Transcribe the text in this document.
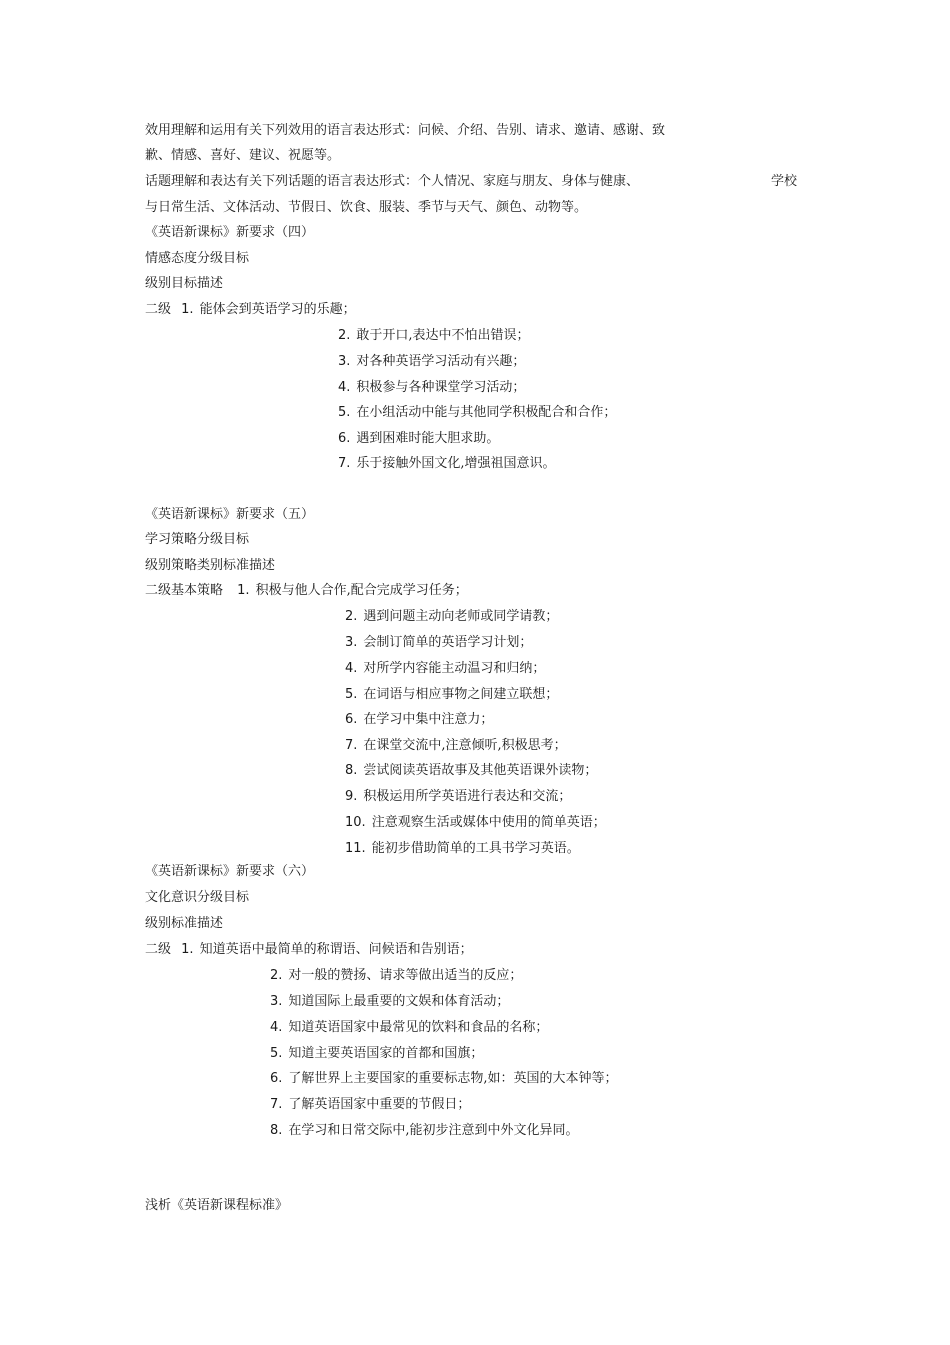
效用理解和运用有关下列效用的语言表达形式：问候、介绍、告别、请求、邀请、感谢、致
歉、情感、喜好、建议、祝愿等。
话题理解和表达有关下列话题的语言表达形式：个人情况、家庭与朋友、身体与健康、	学校
与日常生活、文体活动、节假日、饮食、服装、季节与天气、颜色、动物等。
《英语新课标》新要求（四）
情感态度分级目标
级别目标描述
二级 1. 能体会到英语学习的乐趣；
2. 敢于开口,表达中不怕出错误；
3. 对各种英语学习活动有兴趣；
4. 积极参与各种课堂学习活动；
5. 在小组活动中能与其他同学积极配合和合作；
6. 遇到困难时能大胆求助。
7. 乐于接触外国文化,增强祖国意识。
《英语新课标》新要求（五）
学习策略分级目标
级别策略类别标准描述
二级基本策略 1. 积极与他人合作,配合完成学习任务；
2. 遇到问题主动向老师或同学请教；
3. 会制订简单的英语学习计划；
4. 对所学内容能主动温习和归纳；
5. 在词语与相应事物之间建立联想；
6. 在学习中集中注意力；
7. 在课堂交流中,注意倾听,积极思考；
8. 尝试阅读英语故事及其他英语课外读物；
9. 积极运用所学英语进行表达和交流；
10. 注意观察生活或媒体中使用的简单英语；
11. 能初步借助简单的工具书学习英语。
《英语新课标》新要求（六）
文化意识分级目标
级别标准描述
二级 1. 知道英语中最简单的称谓语、问候语和告别语；
2. 对一般的赞扬、请求等做出适当的反应；
3. 知道国际上最重要的文娱和体育活动；
4. 知道英语国家中最常见的饮料和食品的名称；
5. 知道主要英语国家的首都和国旗；
6. 了解世界上主要国家的重要标志物,如：英国的大本钟等；
7. 了解英语国家中重要的节假日；
8. 在学习和日常交际中,能初步注意到中外文化异同。
浅析《英语新课程标准》
